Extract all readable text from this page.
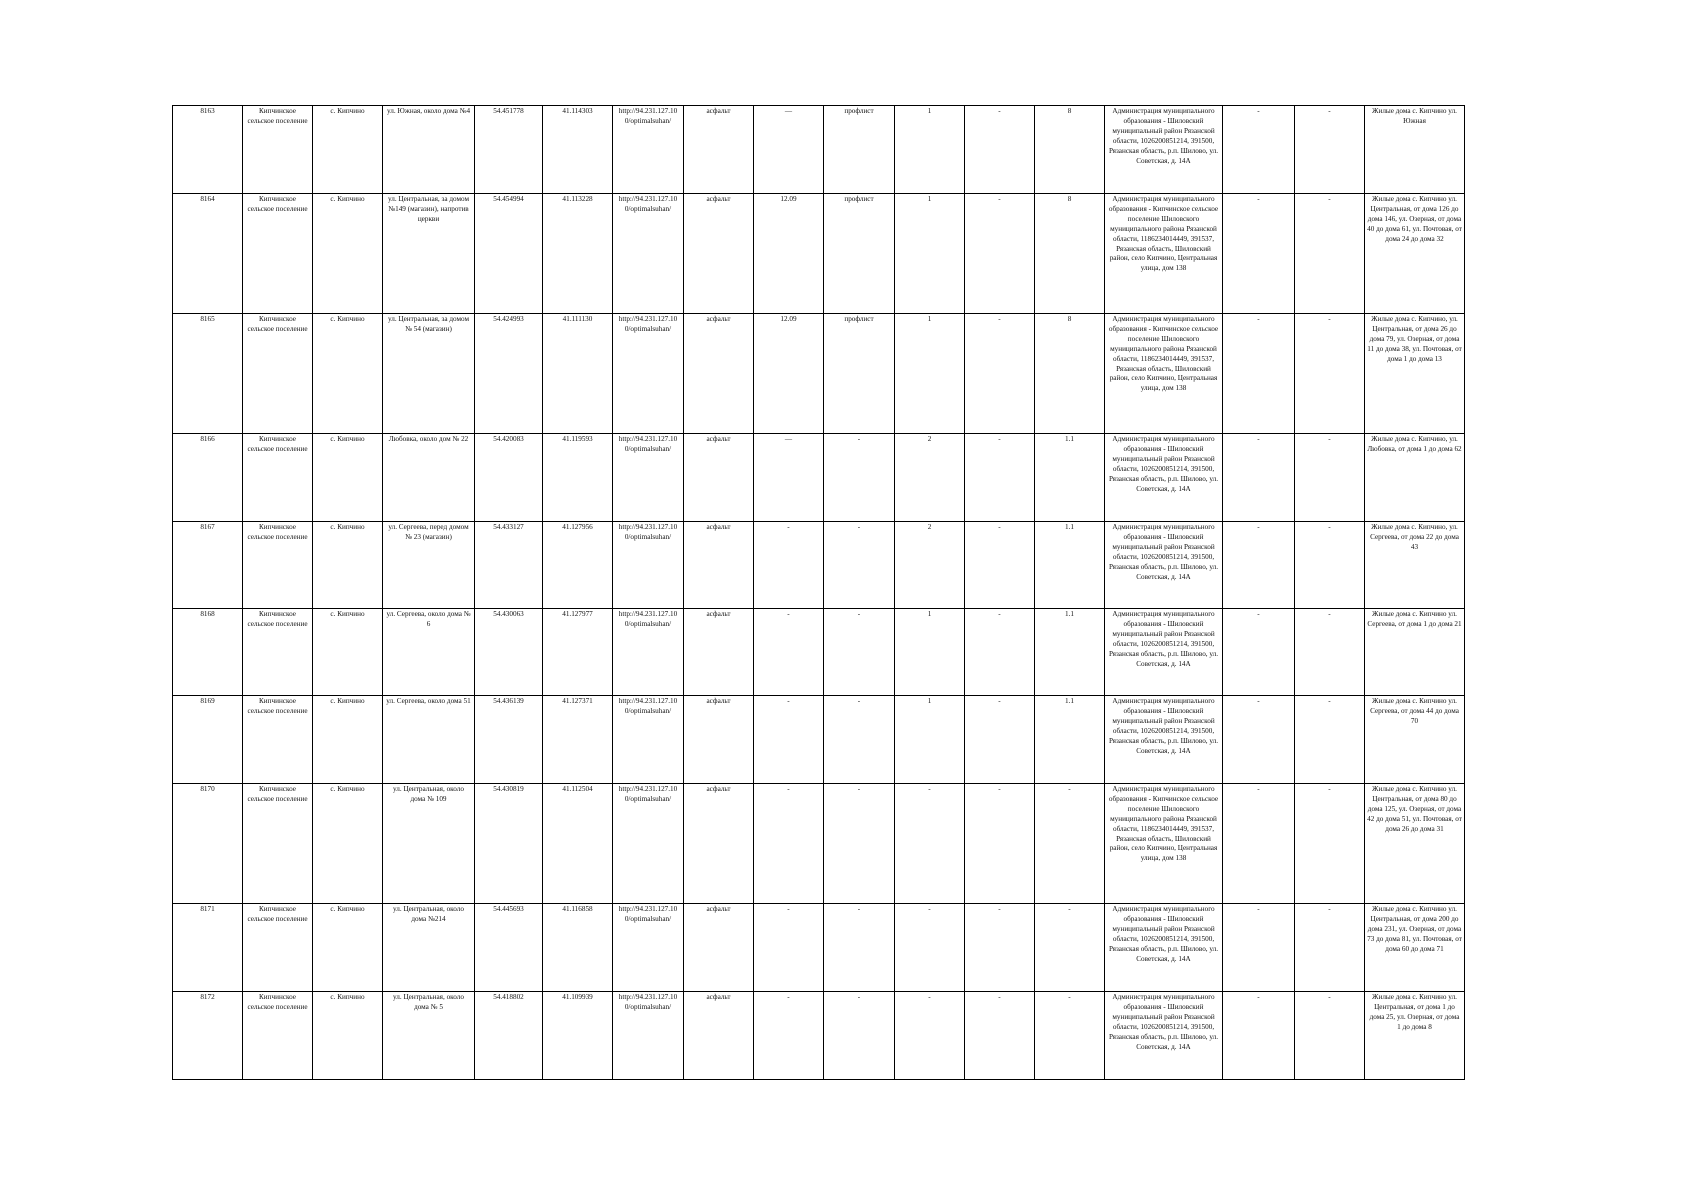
8163	Кипчинское сельское поселение	с. Кипчино	ул. Южная, около дома №4	54.451778	41.114303	http://94.231.127.10 0/optimalsuhan/	асфальт	—	профлист	1	-	8	Администрация муниципального образования - Шиловский муниципальный район Рязанской области, 1026200851214, 391500, Рязанская область, р.п. Шилово, ул. Советская, д. 14А	-	-	Жилые дома с. Кипчино ул. Южная
8164	Кипчинское сельское поселение	с. Кипчино	ул. Центральная, за домом №149 (магазин), напротив церкви	54.454994	41.113228	http://94.231.127.10 0/optimalsuhan/	асфальт	12.09	профлист	1	-	8	Администрация муниципального образования - Кипчинское сельское поселение Шиловского муниципального района Рязанской области, 1186234014449, 391537, Рязанская область, Шиловский район, село Кипчино, Центральная улица, дом 138	-	-	Жилые дома с. Кипчино ул. Центральная, от дома 126 до дома 146, ул. Озерная, от дома 40 до дома 61, ул. Почтовая, от дома 24 до дома 32
8165	Кипчинское сельское поселение	с. Кипчино	ул. Центральная, за домом № 54 (магазин)	54.424993	41.111130	http://94.231.127.10 0/optimalsuhan/	асфальт	12.09	профлист	1	-	8	Администрация муниципального образования - Кипчинское сельское поселение Шиловского муниципального района Рязанской области, 1186234014449, 391537, Рязанская область, Шиловский район, село Кипчино, Центральная улица, дом 138	-	-	Жилые дома с. Кипчино, ул. Центральная, от дома 26 до дома 79, ул. Озерная, от дома 11 до дома 38, ул. Почтовая, от дома 1 до дома 13
8166	Кипчинское сельское поселение	с. Кипчино	Любовка, около дом № 22	54.420083	41.119593	http://94.231.127.10 0/optimalsuhan/	асфальт	—	-	2	-	1.1	Администрация муниципального образования - Шиловский муниципальный район Рязанской области, 1026200851214, 391500, Рязанская область, р.п. Шилово, ул. Советская, д. 14А	-	-	Жилые дома с. Кипчино, ул. Любовка, от дома 1 до дома 62
8167	Кипчинское сельское поселение	с. Кипчино	ул. Сергеева, перед домом № 23 (магазин)	54.433127	41.127956	http://94.231.127.10 0/optimalsuhan/	асфальт	-	-	2	-	1.1	Администрация муниципального образования - Шиловский муниципальный район Рязанской области, 1026200851214, 391500, Рязанская область, р.п. Шилово, ул. Советская, д. 14А	-	-	Жилые дома с. Кипчино, ул. Сергеева, от дома 22 до дома 43
8168	Кипчинское сельское поселение	с. Кипчино	ул. Сергеева, около дома № 6	54.430063	41.127977	http://94.231.127.10 0/optimalsuhan/	асфальт	-	-	1	-	1.1	Администрация муниципального образования - Шиловский муниципальный район Рязанской области, 1026200851214, 391500, Рязанская область, р.п. Шилово, ул. Советская, д. 14А	-	-	Жилые дома с. Кипчино ул. Сергеева, от дома 1 до дома 21
8169	Кипчинское сельское поселение	с. Кипчино	ул. Сергеева, около дома 51	54.436139	41.127371	http://94.231.127.10 0/optimalsuhan/	асфальт	-	-	1	-	1.1	Администрация муниципального образования - Шиловский муниципальный район Рязанской области, 1026200851214, 391500, Рязанская область, р.п. Шилово, ул. Советская, д. 14А	-	-	Жилые дома с. Кипчино ул. Сергеева, от дома 44 до дома 70
8170	Кипчинское сельское поселение	с. Кипчино	ул. Центральная, около дома № 109	54.430819	41.112504	http://94.231.127.10 0/optimalsuhan/	асфальт	-	-	-	-	-	Администрация муниципального образования - Кипчинское сельское поселение Шиловского муниципального района Рязанской области, 1186234014449, 391537, Рязанская область, Шиловский район, село Кипчино, Центральная улица, дом 138	-	-	Жилые дома с. Кипчино ул. Центральная, от дома 80 до дома 125, ул. Озерная, от дома 42 до дома 51, ул. Почтовая, от дома 26 до дома 31
8171	Кипчинское сельское поселение	с. Кипчино	ул. Центральная, около дома №214	54.445693	41.116858	http://94.231.127.10 0/optimalsuhan/	асфальт	-	-	-	-	-	Администрация муниципального образования - Шиловский муниципальный район Рязанской области, 1026200851214, 391500, Рязанская область, р.п. Шилово, ул. Советская, д. 14А	-	-	Жилые дома с. Кипчино ул. Центральная, от дома 200 до дома 231, ул. Озерная, от дома 73 до дома 81, ул. Почтовая, от дома 60 до дома 71
8172	Кипчинское сельское поселение	с. Кипчино	ул. Центральная, около дома № 5	54.418802	41.109939	http://94.231.127.10 0/optimalsuhan/	асфальт	-	-	-	-	-	Администрация муниципального образования - Шиловский муниципальный район Рязанской области, 1026200851214, 391500, Рязанская область, р.п. Шилово, ул. Советская, д. 14А	-	-	Жилые дома с. Кипчино ул. Центральная, от дома 1 до дома 25, ул. Озерная, от дома 1 до дома 8
